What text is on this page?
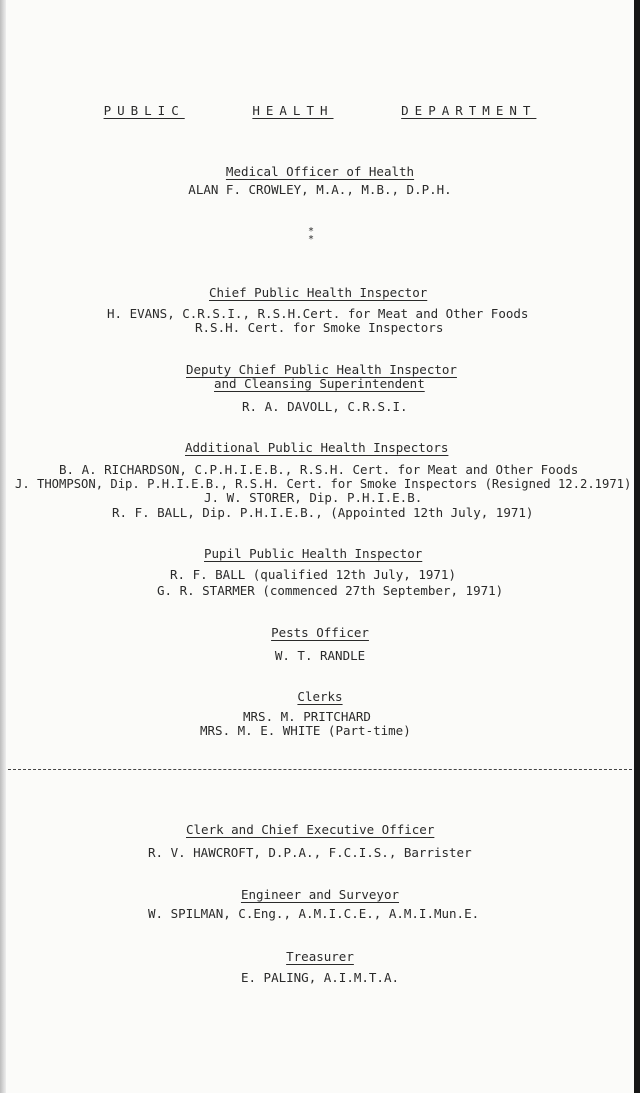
PUBLIC	HEALTH	DEPARTMENT
Medical Officer of Health
ALAN F. CROWLEY, M.A., M.B., D.P.H.
* *
Chief Public Health Inspector
H. EVANS, C.R.S.I., R.S.H.Cert. for Meat and Other Foods
R.S.H. Cert. for Smoke Inspectors
Deputy Chief Public Health Inspector
and Cleansing Superintendent
R. A. DAVOLL, C.R.S.I.
Additional Public Health Inspectors
B. A. RICHARDSON, C.P.H.I.E.B., R.S.H. Cert. for Meat and Other Foods
J. THOMPSON, Dip. P.H.I.E.B., R.S.H. Cert. for Smoke Inspectors (Resigned 12.2.1971)
J. W. STORER, Dip. P.H.I.E.B.
R. F. BALL, Dip. P.H.I.E.B., (Appointed 12th July, 1971)
Pupil Public Health Inspector
R. F. BALL (qualified 12th July, 1971)
G. R. STARMER (commenced 27th September, 1971)
Pests Officer
W. T. RANDLE
Clerks
MRS. M. PRITCHARD
MRS. M. E. WHITE (Part-time)
Clerk and Chief Executive Officer
R. V. HAWCROFT, D.P.A., F.C.I.S., Barrister
Engineer and Surveyor
W. SPILMAN, C.Eng., A.M.I.C.E., A.M.I.Mun.E.
Treasurer
E. PALING, A.I.M.T.A.
